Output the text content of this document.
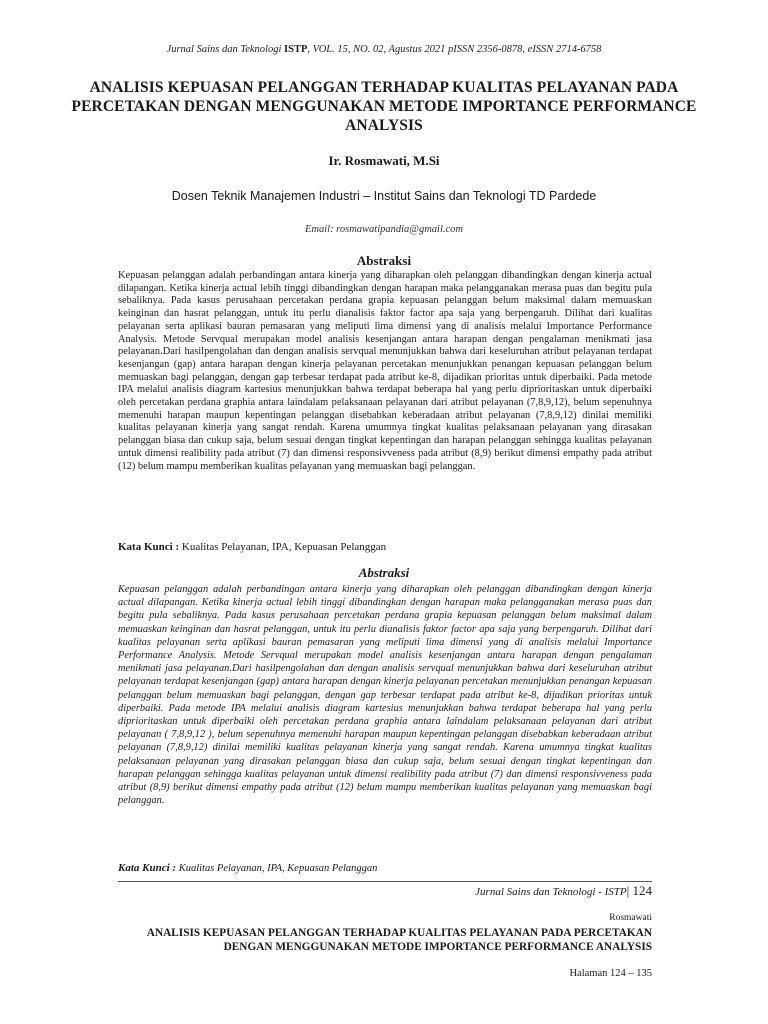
Jurnal Sains dan Teknologi ISTP, VOL. 15, NO. 02, Agustus 2021 pISSN 2356-0878, eISSN 2714-6758
ANALISIS KEPUASAN PELANGGAN TERHADAP KUALITAS PELAYANAN PADA PERCETAKAN DENGAN MENGGUNAKAN METODE IMPORTANCE PERFORMANCE ANALYSIS
Ir. Rosmawati, M.Si
Dosen Teknik Manajemen Industri – Institut Sains dan Teknologi TD Pardede
Email: rosmawatipandia@gmail.com
Abstraksi
Kepuasan pelanggan adalah perbandingan antara kinerja yang diharapkan oleh pelanggan dibandingkan dengan kinerja actual dilapangan. Ketika kinerja actual lebih tinggi dibandingkan dengan harapan maka pelangganakan merasa puas dan begitu pula sebaliknya. Pada kasus perusahaan percetakan perdana grapia kepuasan pelanggan belum maksimal dalam memuaskan keinginan dan hasrat pelanggan, untuk itu perlu dianalisis faktor factor apa saja yang berpengaruh. Dilihat dari kualitas pelayanan serta aplikasi bauran pemasaran yang meliputi lima dimensi yang di analisis melalui Importance Performance Analysis. Metode Servqual merupakan model analisis kesenjangan antara harapan dengan pengalaman menikmati jasa pelayanan.Dari hasilpengolahan dan dengan analisis servqual menunjukkan bahwa dari keseluruhan atribut pelayanan terdapat kesenjangan (gap) antara harapan dengan kinerja pelayanan percetakan menunjukkan penangan kepuasan pelanggan belum memuaskan bagi pelanggan, dengan gap terbesar terdapat pada atribut ke-8, dijadikan prioritas untuk diperbaiki. Pada metode IPA melalui analisis diagram kartesius menunjukkan bahwa terdapat beberapa hal yang perlu diprioritaskan untuk diperbaiki oleh percetakan perdana graphia antara laindalam pelaksanaan pelayanan dari atribut pelayanan (7,8,9,12), belum sepenuhnya memenuhi harapan maupun kepentingan pelanggan disebabkan keberadaan atribut pelayanan (7,8,9,12) dinilai memiliki kualitas pelayanan kinerja yang sangat rendah. Karena umumnya tingkat kualitas pelaksanaan pelayanan yang dirasakan pelanggan biasa dan cukup saja, belum sesuai dengan tingkat kepentingan dan harapan pelanggan sehingga kualitas pelayanan untuk dimensi realibility pada atribut (7) dan dimensi responsivveness pada atribut (8,9) berikut dimensi empathy pada atribut (12) belum mampu memberikan kualitas pelayanan yang memuaskan bagi pelanggan.
Kata Kunci : Kualitas Pelayanan, IPA, Kepuasan Pelanggan
Abstraksi
Kepuasan pelanggan adalah perbandingan antara kinerja yang diharapkan oleh pelanggan dibandingkan dengan kinerja actual dilapangan. Ketika kinerja actual lebih tinggi dibandingkan dengan harapan maka pelangganakan merasa puas dan begitu pula sebaliknya. Pada kasus perusahaan percetakan perdana grapia kepuasan pelanggan belum maksimal dalam memuaskan keinginan dan hasrat pelanggan, untuk itu perlu dianalisis faktor factor apa saja yang berpengaruh. Dilihat dari kualitas pelayanan serta aplikasi bauran pemasaran yang meliputi lima dimensi yang di analisis melalui Importance Performance Analysis. Metode Servqual merupakan model analisis kesenjangan antara harapan dengan pengalaman menikmati jasa pelayanan.Dari hasilpengolahan dan dengan analisis servqual menunjukkan bahwa dari keseluruhan atribut pelayanan terdapat kesenjangan (gap) antara harapan dengan kinerja pelayanan percetakan menunjukkan penangan kepuasan pelanggan belum memuaskan bagi pelanggan, dengan gap terbesar terdapat pada atribut ke-8, dijadikan prioritas untuk diperbaiki. Pada metode IPA melalui analisis diagram kartesius menunjukkan bahwa terdapat beberapa hal yang perlu diprioritaskan untuk diperbaiki oleh percetakan perdana graphia antara laindalam pelaksanaan pelayanan dari atribut pelayanan ( 7,8,9,12 ), belum sepenuhnya memenuhi harapan maupun kepentingan pelanggan disebabkan keberadaan atribut pelayanan (7,8,9,12) dinilai memiliki kualitas pelayanan kinerja yang sangat rendah. Karena umumnya tingkat kualitas pelaksanaan pelayanan yang dirasakan pelanggan biasa dan cukup saja, belum sesuai dengan tingkat kepentingan dan harapan pelanggan sehingga kualitas pelayanan untuk dimensi realibility pada atribut (7) dan dimensi responsivveness pada atribut (8,9) berikut dimensi empathy pada atribut (12) belum mampu memberikan kualitas pelayanan yang memuaskan bagi pelanggan.
Kata Kunci : Kualitas Pelayanan, IPA, Kepuasan Pelanggan
Jurnal Sains dan Teknologi - ISTP| 124
Rosmawati
ANALISIS KEPUASAN PELANGGAN TERHADAP KUALITAS PELAYANAN PADA PERCETAKAN DENGAN MENGGUNAKAN METODE IMPORTANCE PERFORMANCE ANALYSIS
Halaman 124 – 135
